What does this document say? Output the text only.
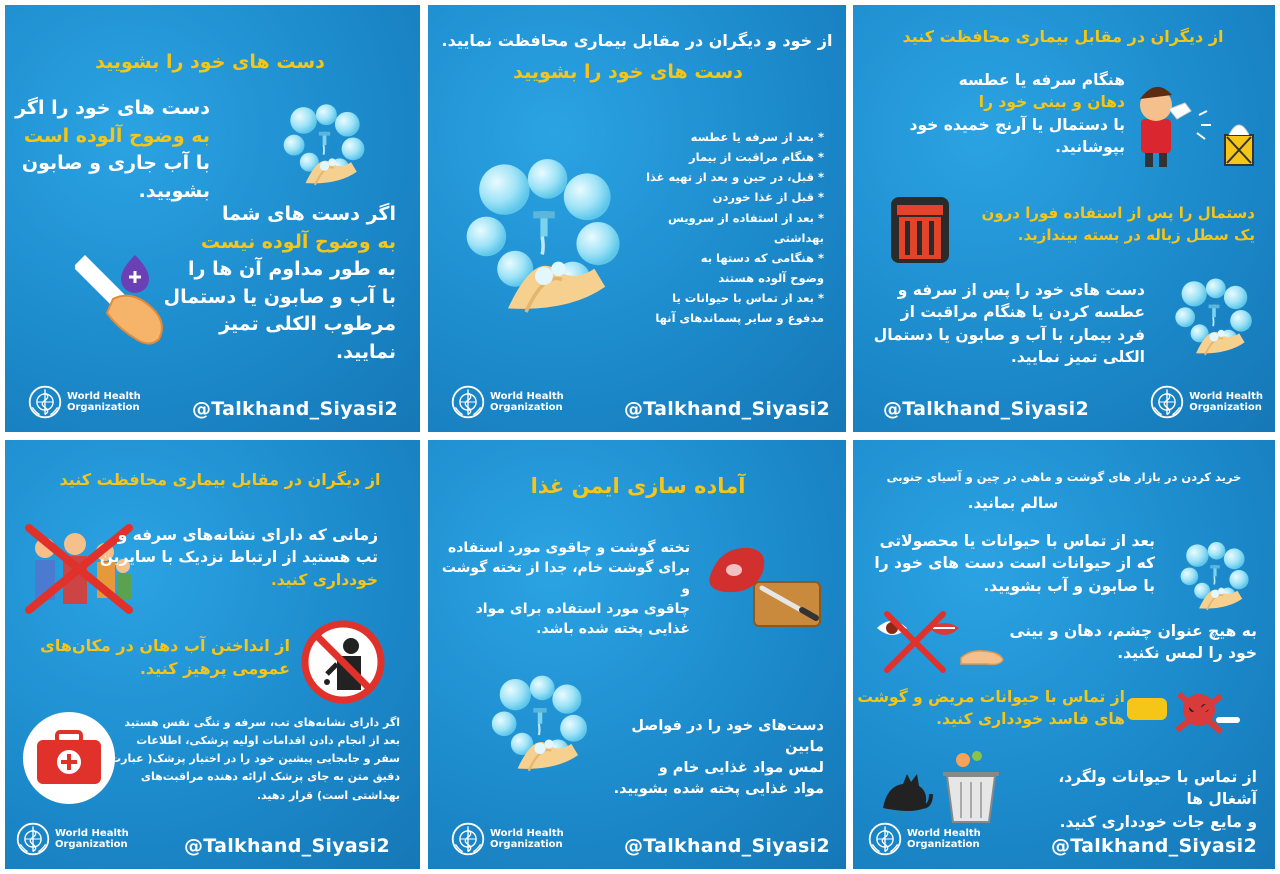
دست های خود را بشویید
دست های خود را اگر
به وضوح آلوده است
با آب جاری و صابون
بشویید.
اگر دست های شما
به وضوح آلوده نیست
به طور مداوم آن ها را
با آب و صابون یا دستمال
مرطوب الکلی تمیز
نمایید.
World Health
Organization	@Talkhand_Siyasi2
از خود و دیگران در مقابل بیماری محافظت نمایید.
دست های خود را بشویید
* بعد از سرفه یا عطسه
* هنگام مراقبت از بیمار
* قبل، در حین و بعد از تهیه غذا
* قبل از غذا خوردن
* بعد از استفاده از سرویس
بهداشتی
* هنگامی که دستها به
وضوح آلوده هستند
* بعد از تماس با حیوانات یا
مدفوع و سایر پسماندهای آنها
World Health
Organization	@Talkhand_Siyasi2
از دیگران در مقابل بیماری محافظت کنید
هنگام سرفه یا عطسه
دهان و بینی خود را
با دستمال یا آرنج خمیده خود
بپوشانید.
دستمال را پس از استفاده فورا درون
یک سطل زباله در بسته بیندازید.
دست های خود را پس از سرفه و
عطسه کردن یا هنگام مراقبت از
فرد بیمار، با آب و صابون یا دستمال
الکلی تمیز نمایید.
World Health
Organization
@Talkhand_Siyasi2
از دیگران در مقابل بیماری محافظت کنید
زمانی که دارای نشانه‌های سرفه و
تب هستید از ارتباط نزدیک با سایرین
خودداری کنید.
از انداختن آب دهان در مکان‌های
عمومی پرهیز کنید.
اگر دارای نشانه‌های تب، سرفه و تنگی نفس هستید
بعد از انجام دادن اقدامات اولیه پزشکی، اطلاعات
سفر و جابجایی پیشین خود را در اختیار پزشک( عبارت
دقیق متن به جای پزشک ارائه دهنده مراقبت‌های
بهداشتی است) قرار دهید.
World Health
Organization	@Talkhand_Siyasi2
آماده سازی ایمن غذا
تخته گوشت و چاقوی مورد استفاده
برای گوشت خام، جدا از تخته گوشت و
چاقوی مورد استفاده برای مواد
غذایی پخته شده باشد.
دست‌های خود را در فواصل مابین
لمس مواد غذایی خام و
مواد غذایی پخته شده بشویید.
World Health
Organization	@Talkhand_Siyasi2
خرید کردن در بازار های گوشت و ماهی در چین و آسیای جنوبی
سالم بمانید.
بعد از تماس با حیوانات یا محصولاتی
که از حیوانات است دست های خود را
با صابون و آب بشویید.
به هیچ عنوان چشم، دهان و بینی
خود را لمس نکنید.
از تماس با حیوانات مریض و گوشت
های فاسد خودداری کنید.
از تماس با حیوانات ولگرد، آشغال ها
و مایع جات خودداری کنید.
World Health
Organization	@Talkhand_Siyasi2
